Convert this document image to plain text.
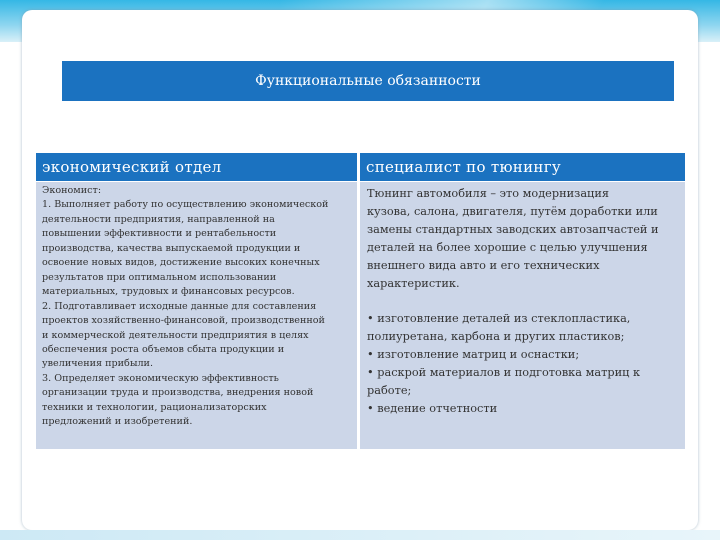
Функциональные обязанности
экономический отдел	специалист по тюнингу
Экономист:
1. Выполняет работу по осуществлению экономической
деятельности предприятия, направленной на
повышении эффективности и рентабельности
производства, качества выпускаемой продукции и
освоение новых видов, достижение высоких конечных
результатов при оптимальном использовании
материальных, трудовых и финансовых ресурсов.
2. Подготавливает исходные данные для составления
проектов хозяйственно-финансовой, производственной
и коммерческой деятельности предприятия в целях
обеспечения роста объемов сбыта продукции и
увеличения прибыли.
3. Определяет экономическую эффективность
организации труда и производства, внедрения новой
техники и технологии, рационализаторских
предложений и изобретений.
Тюнинг автомобиля – это модернизация
кузова, салона, двигателя, путём доработки или
замены стандартных заводских автозапчастей и
деталей на более хорошие с целью улучшения
внешнего вида авто и его технических
характеристик.
• изготовление деталей из стеклопластика,
полиуретана, карбона и других пластиков;
• изготовление матриц и оснастки;
• раскрой материалов и подготовка матриц к
работе;
• ведение отчетности
